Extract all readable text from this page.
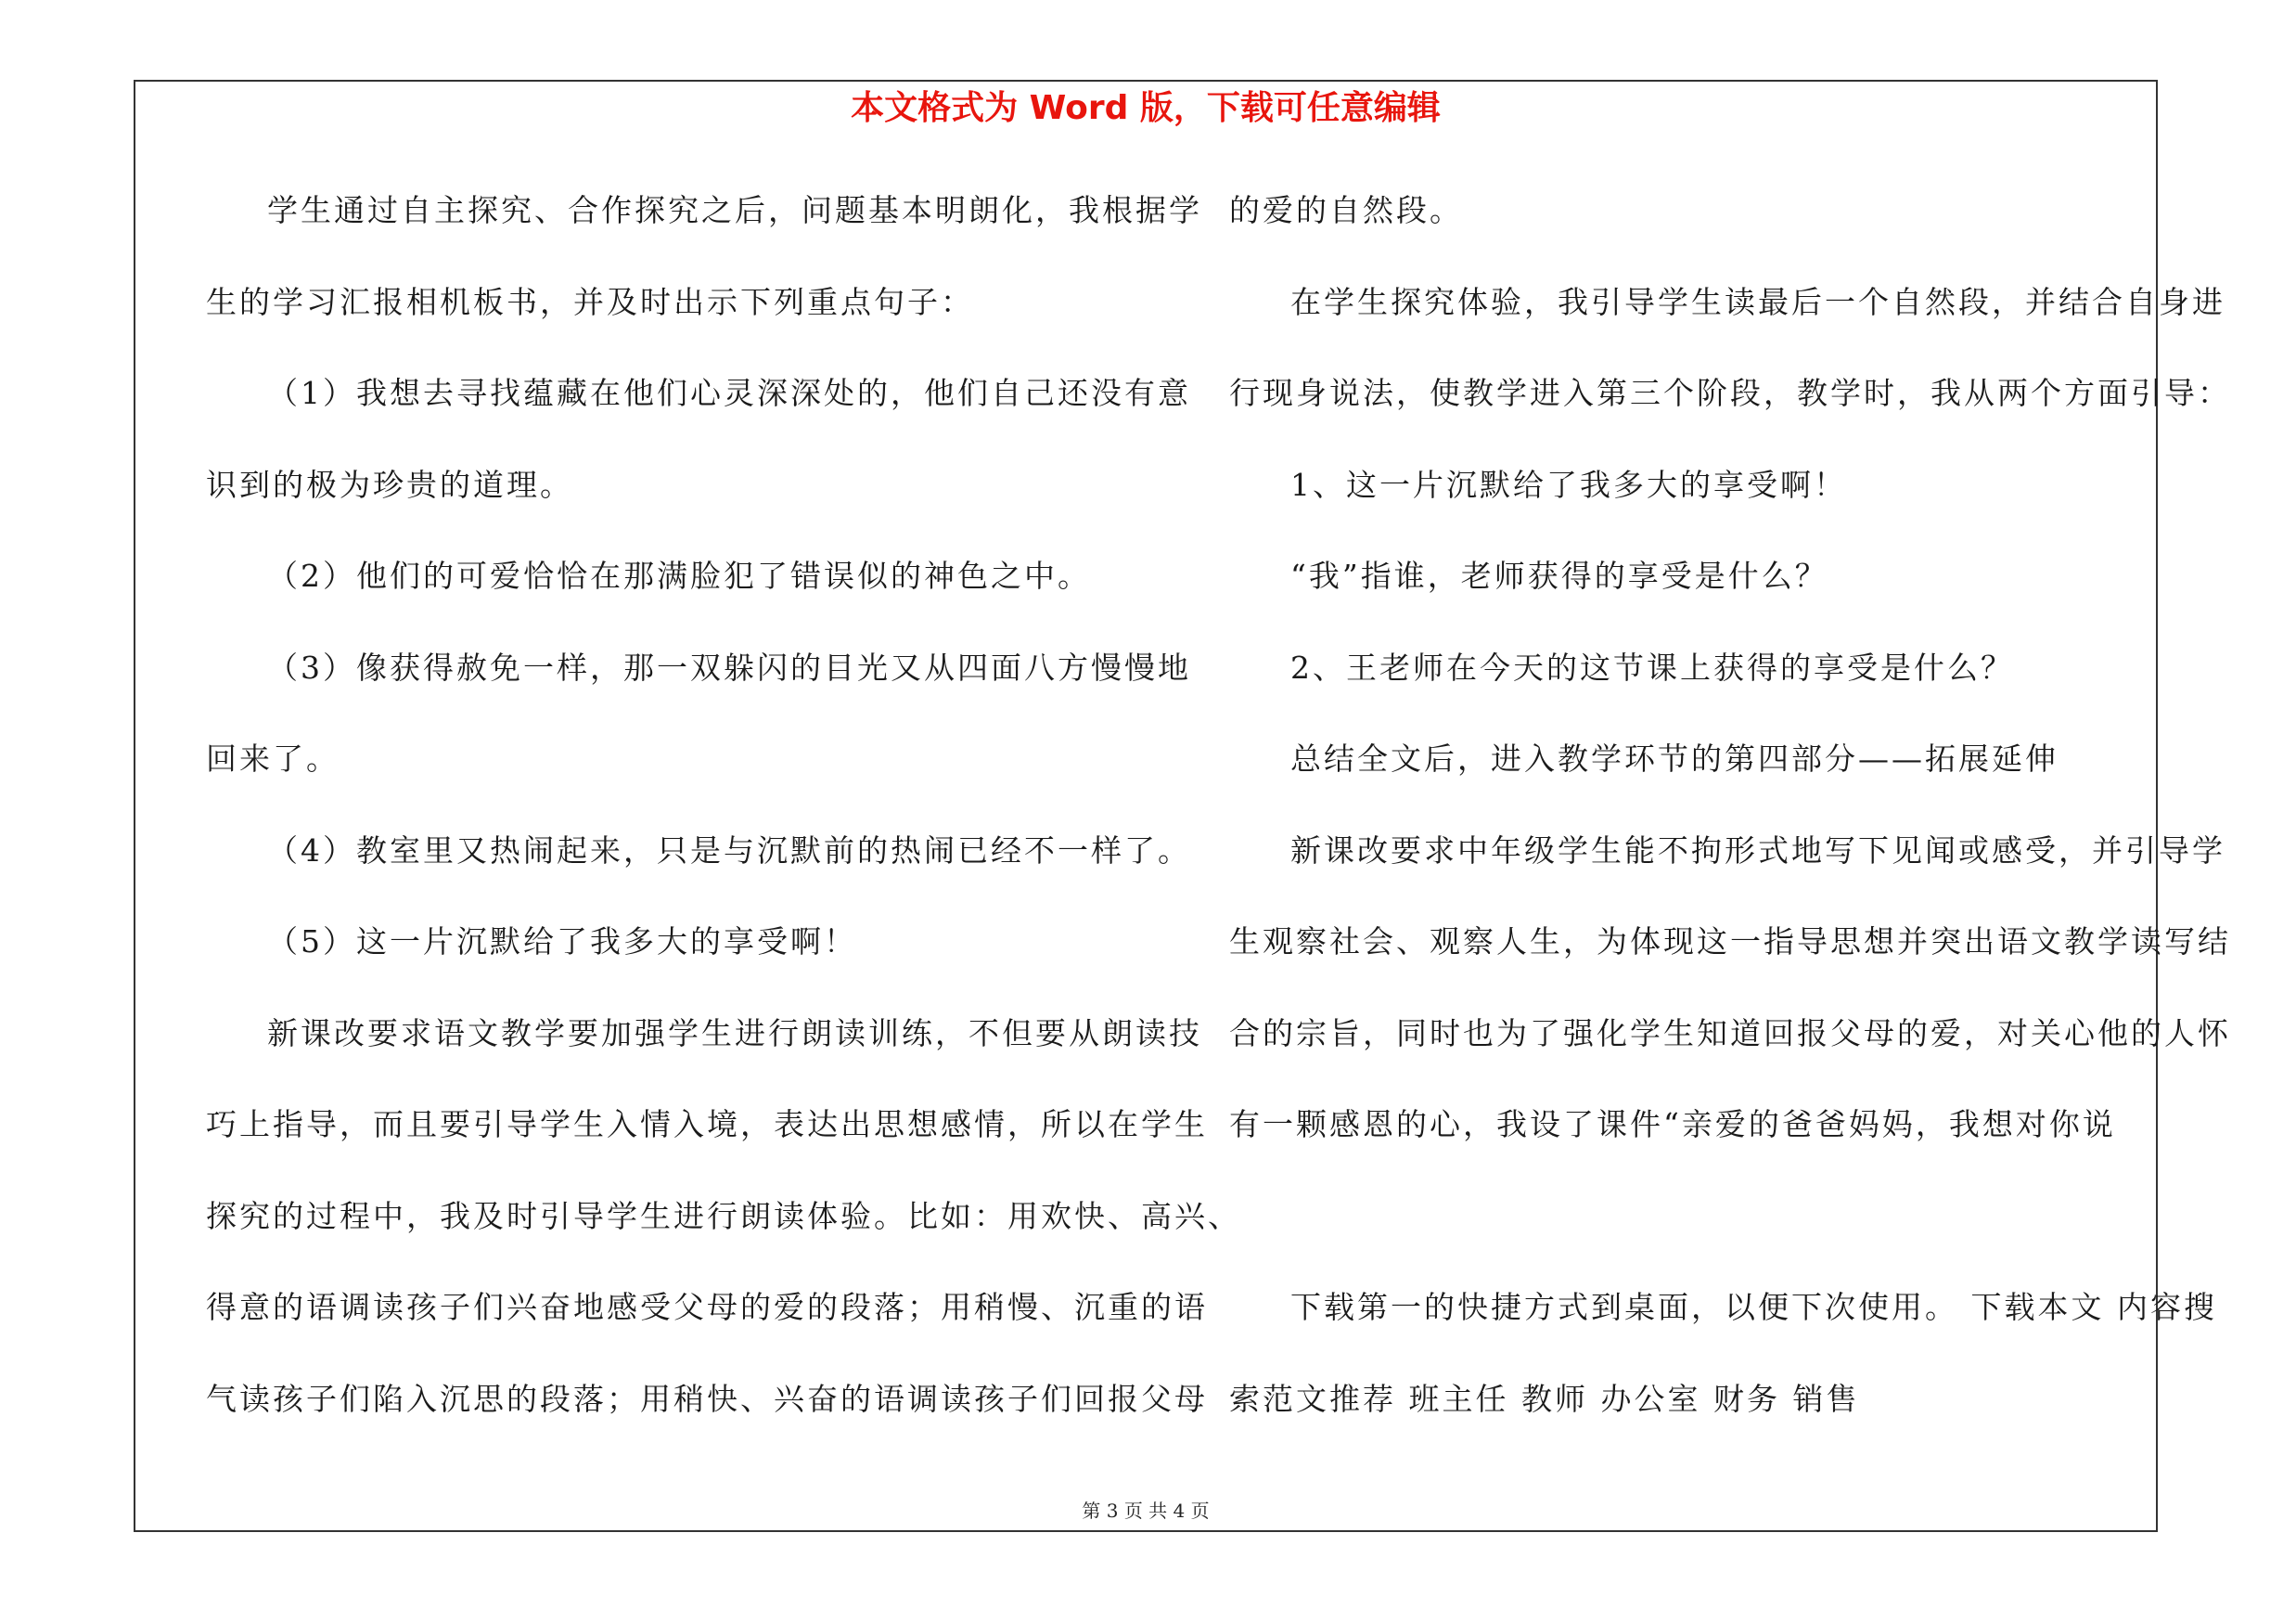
本文格式为 Word 版，下载可任意编辑
学生通过自主探究、合作探究之后，问题基本明朗化，我根据学
生的学习汇报相机板书，并及时出示下列重点句子：
（1）我想去寻找蕴藏在他们心灵深深处的，他们自己还没有意
识到的极为珍贵的道理。
（2）他们的可爱恰恰在那满脸犯了错误似的神色之中。
（3）像获得赦免一样，那一双躲闪的目光又从四面八方慢慢地
回来了。
（4）教室里又热闹起来，只是与沉默前的热闹已经不一样了。
（5）这一片沉默给了我多大的享受啊！
新课改要求语文教学要加强学生进行朗读训练，不但要从朗读技
巧上指导，而且要引导学生入情入境，表达出思想感情，所以在学生
探究的过程中，我及时引导学生进行朗读体验。比如：用欢快、高兴、
得意的语调读孩子们兴奋地感受父母的爱的段落；用稍慢、沉重的语
气读孩子们陷入沉思的段落；用稍快、兴奋的语调读孩子们回报父母
的爱的自然段。
在学生探究体验，我引导学生读最后一个自然段，并结合自身进
行现身说法，使教学进入第三个阶段，教学时，我从两个方面引导：
1、这一片沉默给了我多大的享受啊！
“我”指谁，老师获得的享受是什么？
2、王老师在今天的这节课上获得的享受是什么？
总结全文后，进入教学环节的第四部分——拓展延伸
新课改要求中年级学生能不拘形式地写下见闻或感受，并引导学
生观察社会、观察人生，为体现这一指导思想并突出语文教学读写结
合的宗旨，同时也为了强化学生知道回报父母的爱，对关心他的人怀
有一颗感恩的心，我设了课件“亲爱的爸爸妈妈，我想对你说
下载第一的快捷方式到桌面，以便下次使用。 下载本文 内容搜
索范文推荐 班主任 教师 办公室 财务 销售
第 3 页 共 4 页
